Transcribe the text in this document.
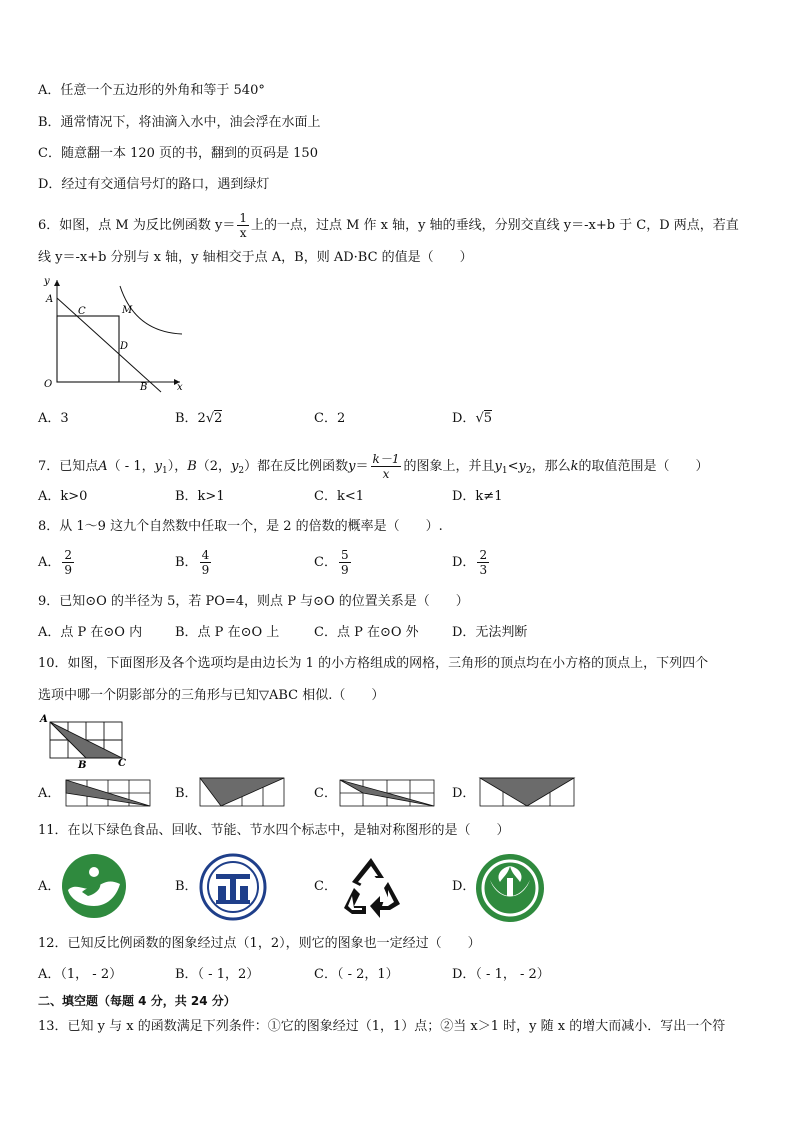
A．任意一个五边形的外角和等于 540°
B．通常情况下，将油滴入水中，油会浮在水面上
C．随意翻一本 120 页的书，翻到的页码是 150
D．经过有交通信号灯的路口，遇到绿灯
6．如图，点 M 为反比例函数 $y= \frac{1}{x}$ 上的一点，过点 M 作 x 轴，y 轴的垂线，分别交直线 y＝-x+b 于 C，D 两点，若直
线 y＝-x+b 分别与 x 轴，y 轴相交于点 A，B，则 AD·BC 的值是（　　）
y
A
C	M
D
O	B	x
A．3	B．2√2	C．2	D．√5
7．已知点A（ - 1，$y_1$），B（2，$y_2$）都在反比例函数$y= \frac{k-1}{x}$ 的图象上，并且$y_1<y_2$，那么k的取值范围是（　　）
A．k>0	B．k>1	C．k<1	D．k≠1
8．从 1～9 这九个自然数中任取一个，是 2 的倍数的概率是（　　）.
A． $\frac{2}{9}$	B． $\frac{4}{9}$	C． $\frac{5}{9}$	D． $\frac{2}{3}$
9．已知⊙O 的半径为 5，若 PO=4，则点 P 与⊙O 的位置关系是（　　）
A．点 P 在⊙O 内	B．点 P 在⊙O 上	C．点 P 在⊙O 外	D．无法判断
10．如图，下面图形及各个选项均是由边长为 1 的小方格组成的网格，三角形的顶点均在小方格的顶点上，下列四个
选项中哪一个阴影部分的三角形与已知▽ABC 相似.（　　）
A
B	C
A．	B．	C．	D．
11．在以下绿色食品、回收、节能、节水四个标志中，是轴对称图形的是（　　）
A．	B．	C．	D．
12．已知反比例函数的图象经过点（1，2），则它的图象也一定经过（　　）
A．（1， - 2）	B．（ - 1，2）	C．（ - 2，1）	D．（ - 1， - 2）
二、填空题（每题 4 分，共 24 分）
13．已知 y 与 x 的函数满足下列条件：①它的图象经过（1，1）点；②当 x＞1 时，y 随 x 的增大而减小．写出一个符
